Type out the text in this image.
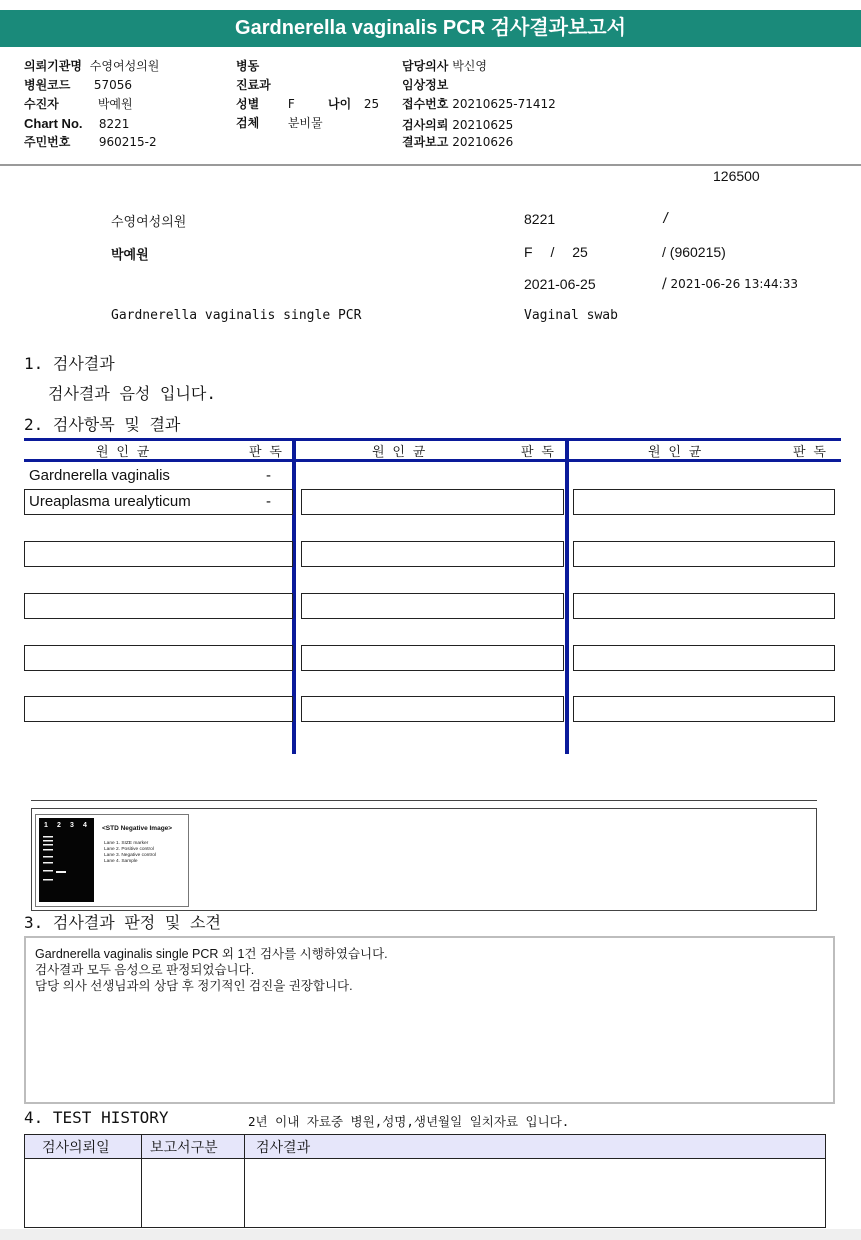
Gardnerella vaginalis PCR 검사결과보고서
의뢰기관명 수영여성의원
병원코드 57056
수진자	박예원
Chart No. 8221
주민번호 960215-2
병동
진료과
성별 F	나이 25
검체 분비물
담당의사 박신영
임상정보
접수번호 20210625-71412
검사의뢰 20210625
결과보고 20210626
126500
수영여성의원
박예원
Gardnerella vaginalis single PCR
8221	/
F / 25	/ (960215)
2021-06-25	/ 2021-06-26 13:44:33
Vaginal swab
1. 검사결과
검사결과 음성 입니다.
2. 검사항목 및 결과
원 인 균	판 독	원 인 균	판 독	원 인 균	판 독
Gardnerella vaginalis	-
Ureaplasma urealyticum	-
1 2 3 4 <STD Negative Image>
Lane 1. SIZE marker
Lane 2. Positive control
Lane 3. Negative control
Lane 4. Sample
3. 검사결과 판정 및 소견
Gardnerella vaginalis single PCR 외 1건 검사를 시행하였습니다.
검사결과 모두 음성으로 판정되었습니다.
담당 의사 선생님과의 상담 후 정기적인 검진을 권장합니다.
4. TEST HISTORY	2년 이내 자료중 병원,성명,생년월일 일치자료 입니다.
검사의뢰일	보고서구분	검사결과
